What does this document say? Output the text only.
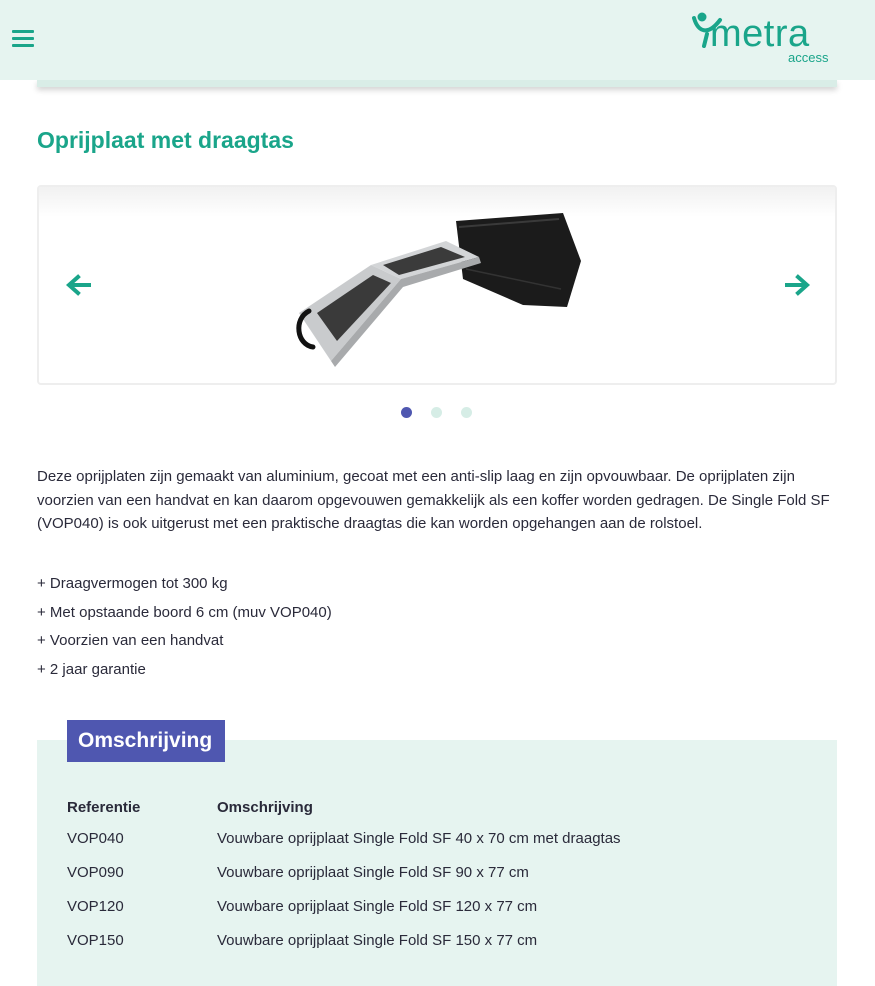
metra
access
Oprijplaat met draagtas

Deze oprijplaten zijn gemaakt van aluminium, gecoat met een anti-slip laag en zijn opvouwbaar. De oprijplaten zijn voorzien van een handvat en kan daarom opgevouwen gemakkelijk als een koffer worden gedragen. De Single Fold SF (VOP040) is ook uitgerust met een praktische draagtas die kan worden opgehangen aan de rolstoel.

+ Draagvermogen tot 300 kg
+ Met opstaande boord 6 cm (muv VOP040)
+ Voorzien van een handvat
+ 2 jaar garantie
Omschrijving
Referentie	Omschrijving
VOP040	Vouwbare oprijplaat Single Fold SF 40 x 70 cm met draagtas
VOP090	Vouwbare oprijplaat Single Fold SF 90 x 77 cm
VOP120	Vouwbare oprijplaat Single Fold SF 120 x 77 cm
VOP150	Vouwbare oprijplaat Single Fold SF 150 x 77 cm
